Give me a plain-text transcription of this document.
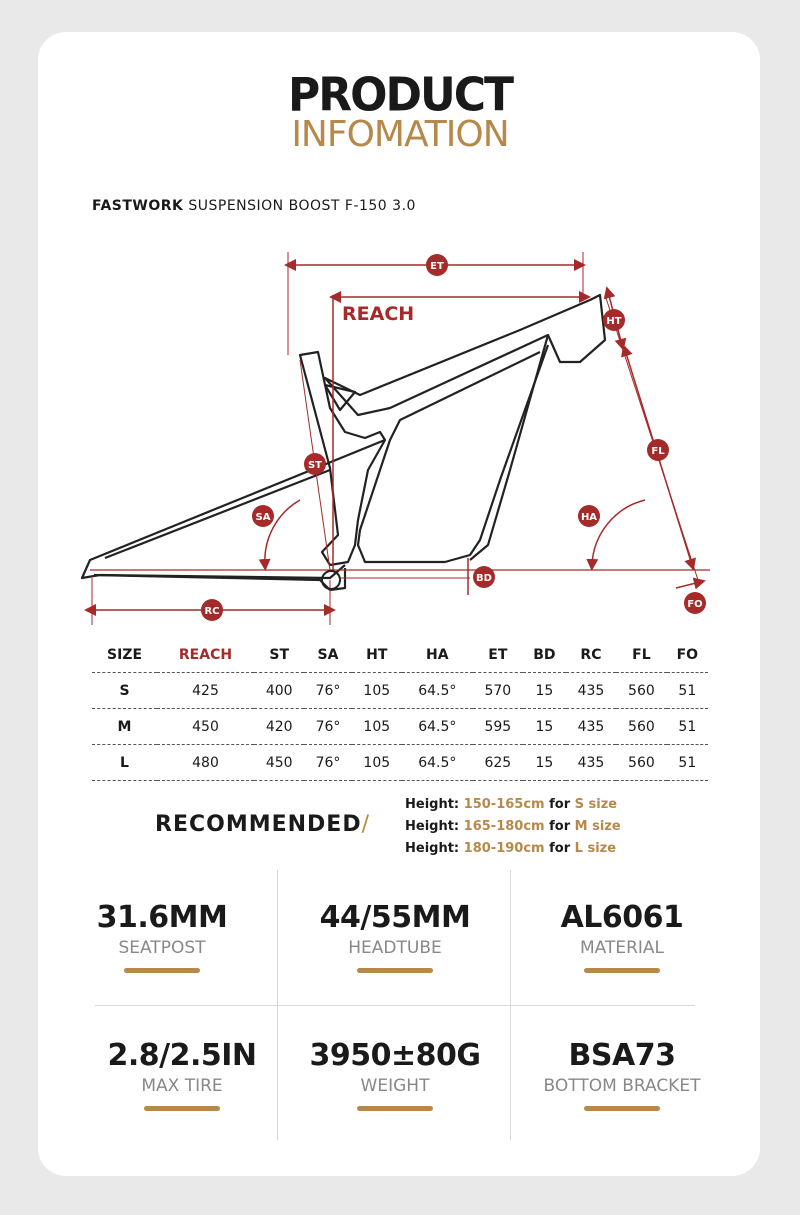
PRODUCT
INFOMATION
FASTWORK SUSPENSION BOOST F-150 3.0
ET
HT
FL
ST
SA	HA
BD
RC
FO
REACH
SIZE	REACH	ST	SA	HT	HA	ET	BD	RC	FL	FO
S	425	400	76°	105	64.5°	570	15	435	560	51
M	450	420	76°	105	64.5°	595	15	435	560	51
L	480	450	76°	105	64.5°	625	15	435	560	51
RECOMMENDED/
Height: 150-165cm for S size
Height: 165-180cm for M size
Height: 180-190cm for L size
31.6MM
SEATPOST
44/55MM
HEADTUBE
AL6061
MATERIAL
2.8/2.5IN
MAX TIRE
3950±80G
WEIGHT
BSA73
BOTTOM BRACKET
